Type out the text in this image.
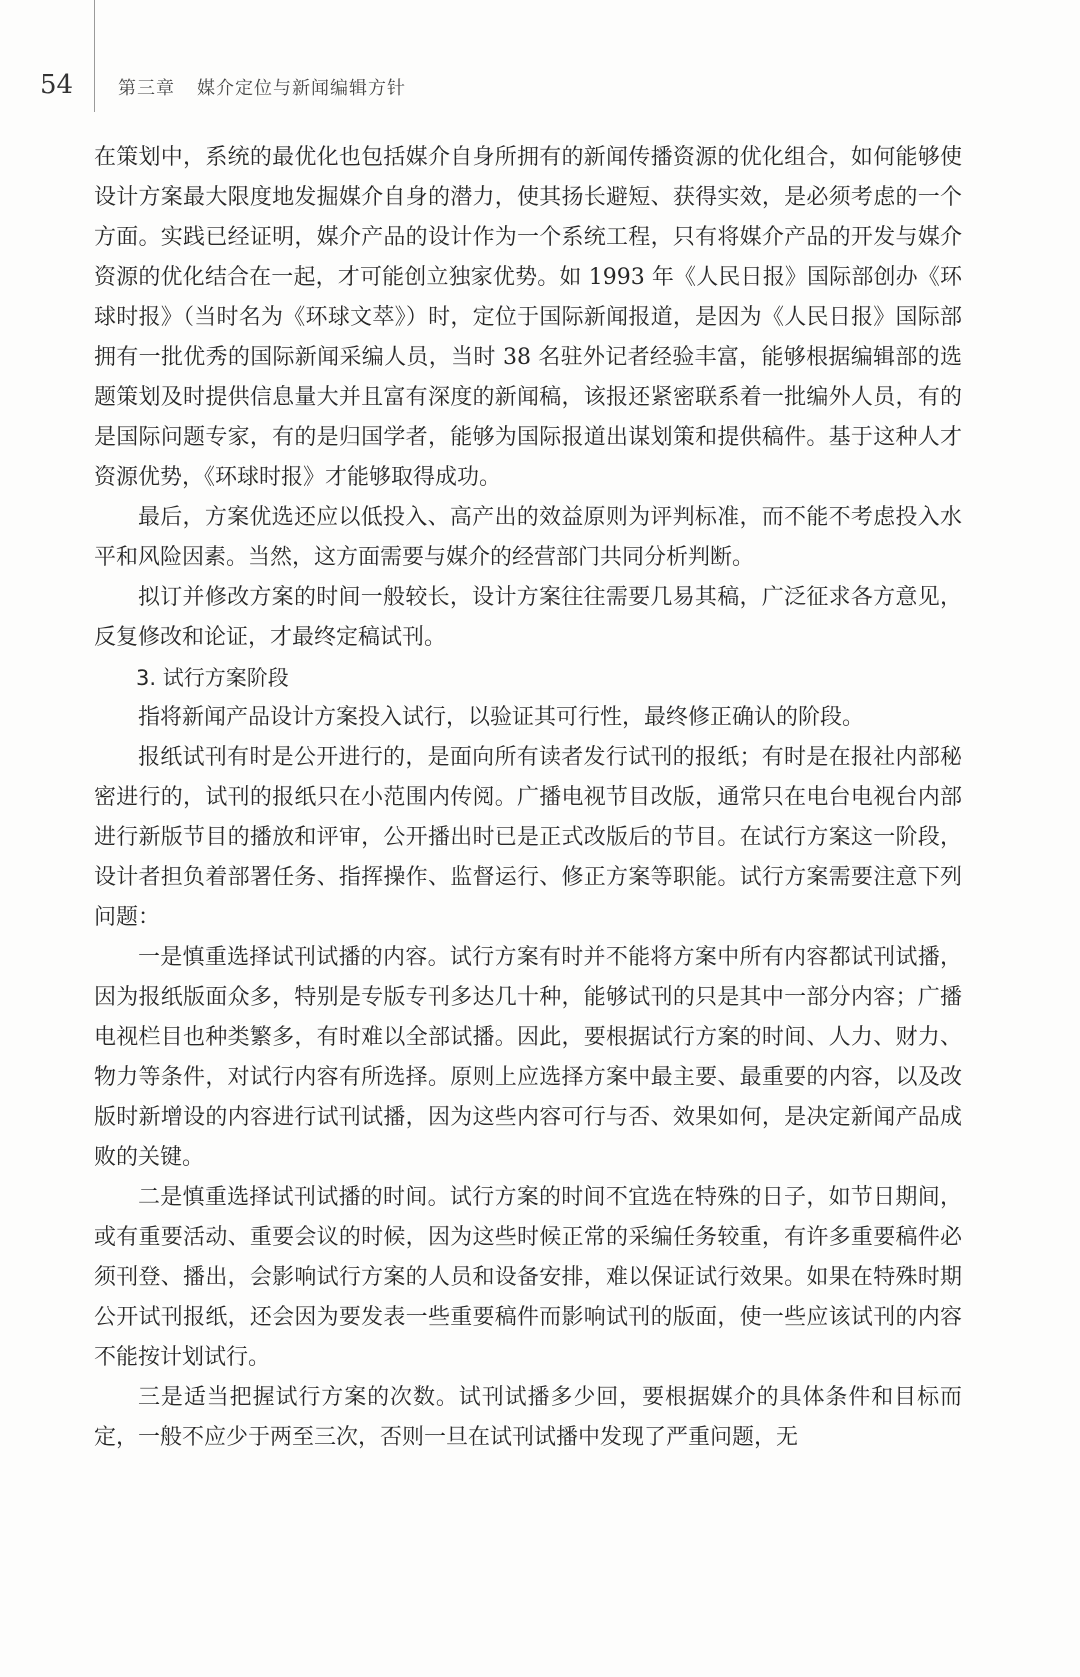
54 第三章 媒介定位与新闻编辑方针

在策划中，系统的最优化也包括媒介自身所拥有的新闻传播资源的优化组合，如何能够使设计方案最大限度地发掘媒介自身的潜力，使其扬长避短、获得实效，是必须考虑的一个方面。实践已经证明，媒介产品的设计作为一个系统工程，只有将媒介产品的开发与媒介资源的优化结合在一起，才可能创立独家优势。如 1993 年《人民日报》国际部创办《环球时报》（当时名为《环球文萃》）时，定位于国际新闻报道，是因为《人民日报》国际部拥有一批优秀的国际新闻采编人员，当时 38 名驻外记者经验丰富，能够根据编辑部的选题策划及时提供信息量大并且富有深度的新闻稿，该报还紧密联系着一批编外人员，有的是国际问题专家，有的是归国学者，能够为国际报道出谋划策和提供稿件。基于这种人才资源优势，《环球时报》才能够取得成功。

最后，方案优选还应以低投入、高产出的效益原则为评判标准，而不能不考虑投入水平和风险因素。当然，这方面需要与媒介的经营部门共同分析判断。

拟订并修改方案的时间一般较长，设计方案往往需要几易其稿，广泛征求各方意见，反复修改和论证，才最终定稿试刊。

3. 试行方案阶段

指将新闻产品设计方案投入试行，以验证其可行性，最终修正确认的阶段。

报纸试刊有时是公开进行的，是面向所有读者发行试刊的报纸；有时是在报社内部秘密进行的，试刊的报纸只在小范围内传阅。广播电视节目改版，通常只在电台电视台内部进行新版节目的播放和评审，公开播出时已是正式改版后的节目。在试行方案这一阶段，设计者担负着部署任务、指挥操作、监督运行、修正方案等职能。试行方案需要注意下列问题：

一是慎重选择试刊试播的内容。试行方案有时并不能将方案中所有内容都试刊试播，因为报纸版面众多，特别是专版专刊多达几十种，能够试刊的只是其中一部分内容；广播电视栏目也种类繁多，有时难以全部试播。因此，要根据试行方案的时间、人力、财力、物力等条件，对试行内容有所选择。原则上应选择方案中最主要、最重要的内容，以及改版时新增设的内容进行试刊试播，因为这些内容可行与否、效果如何，是决定新闻产品成败的关键。

二是慎重选择试刊试播的时间。试行方案的时间不宜选在特殊的日子，如节日期间，或有重要活动、重要会议的时候，因为这些时候正常的采编任务较重，有许多重要稿件必须刊登、播出，会影响试行方案的人员和设备安排，难以保证试行效果。如果在特殊时期公开试刊报纸，还会因为要发表一些重要稿件而影响试刊的版面，使一些应该试刊的内容不能按计划试行。

三是适当把握试行方案的次数。试刊试播多少回，要根据媒介的具体条件和目标而定，一般不应少于两至三次，否则一旦在试刊试播中发现了严重问题，无
